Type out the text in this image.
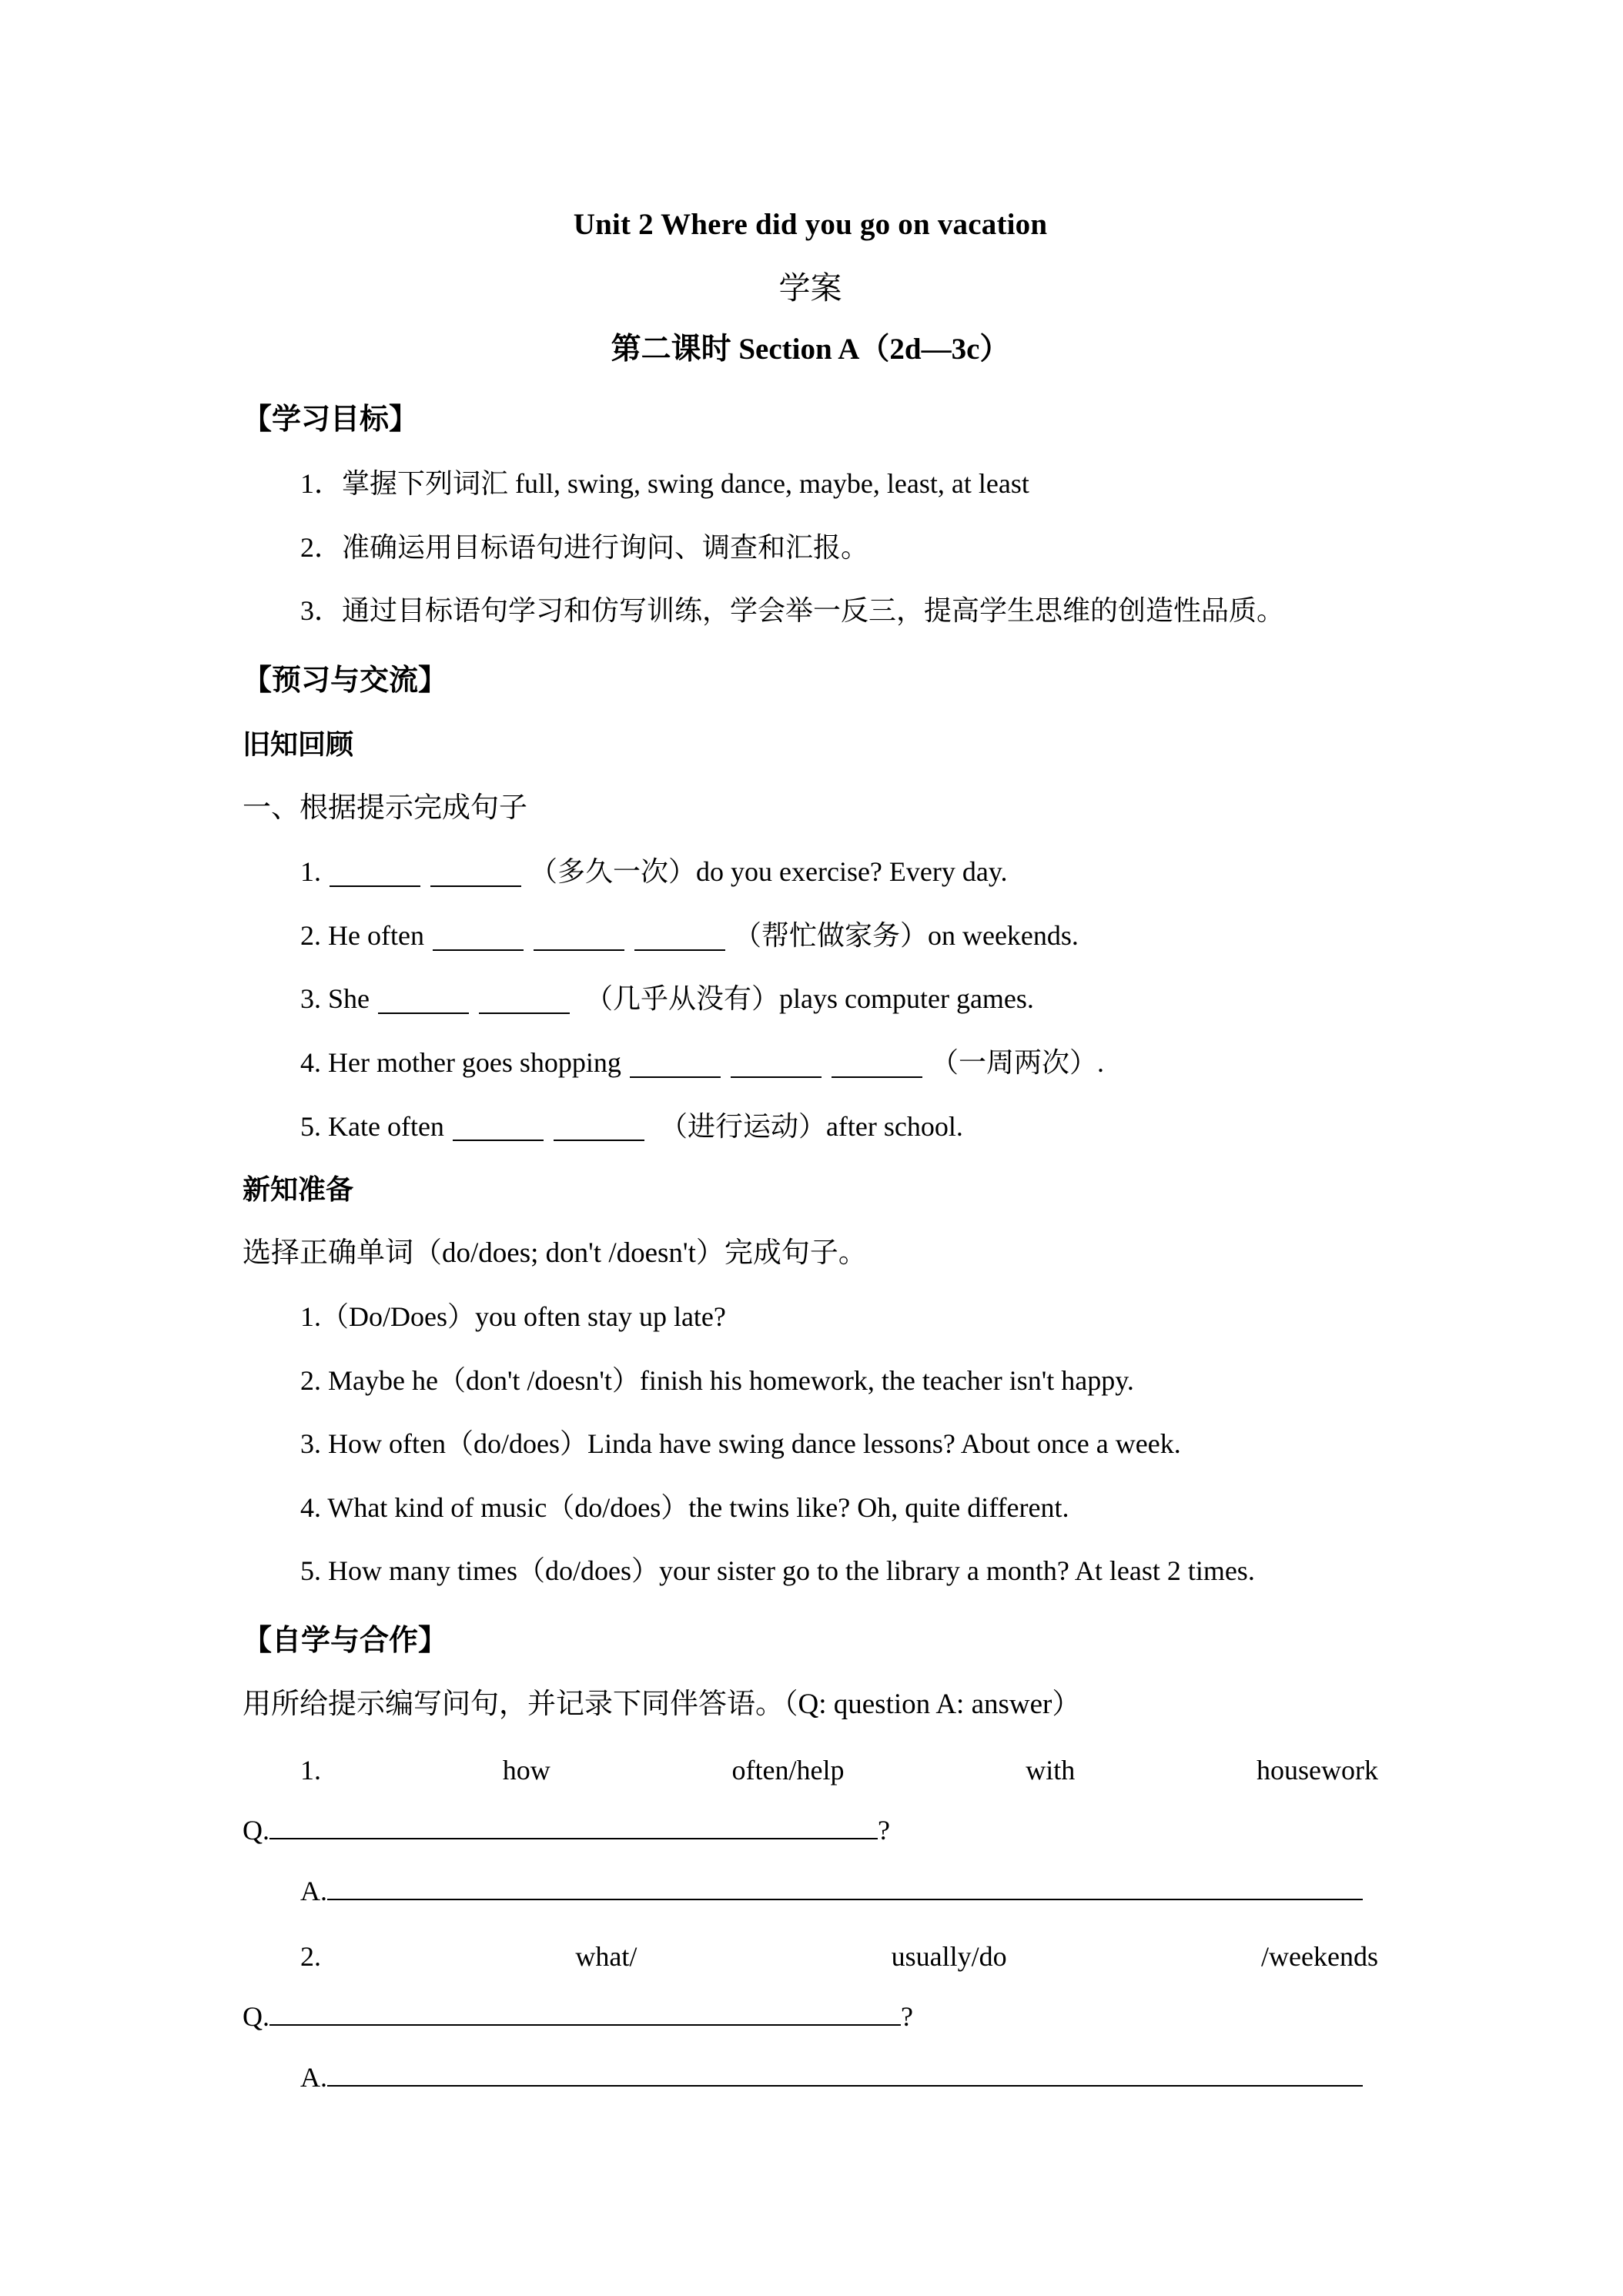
Unit 2 Where did you go on vacation
学案
第二课时 Section A（2d—3c）
【学习目标】
1．掌握下列词汇 full, swing, swing dance, maybe, least, at least
2．准确运用目标语句进行询问、调查和汇报。
3．通过目标语句学习和仿写训练，学会举一反三，提高学生思维的创造性品质。
【预习与交流】
旧知回顾
一、根据提示完成句子
1.	（多久一次）do you exercise? Every day.
2. He often	（帮忙做家务）on weekends.
3. She	（几乎从没有）plays computer games.
4. Her mother goes shopping	（一周两次）.
5. Kate often	（进行运动）after school.
新知准备
选择正确单词（do/does; don't /doesn't）完成句子。
1.（Do/Does）you often stay up late?
2. Maybe he（don't /doesn't）finish his homework, the teacher isn't happy.
3. How often（do/does）Linda have swing dance lessons? About once a week.
4. What kind of music（do/does）the twins like? Oh, quite different.
5. How many times（do/does）your sister go to the library a month? At least 2 times.
【自学与合作】
用所给提示编写问句，并记录下同伴答语。（Q: question A: answer）
1.	how	often/help	with	housework
Q.	?
A.
2.	what/	usually/do	/weekends
Q.	?
A.
